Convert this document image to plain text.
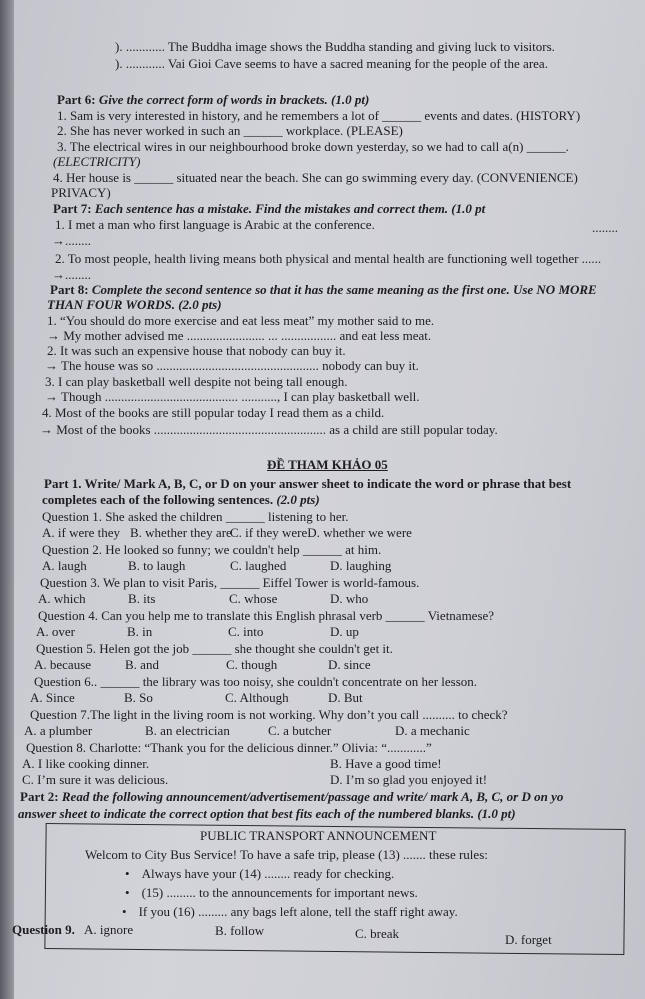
). ............ The Buddha image shows the Buddha standing and giving luck to visitors.
). ............ Vai Gioi Cave seems to have a sacred meaning for the people of the area.
Part 6: Give the correct form of words in brackets. (1.0 pt)
1. Sam is very interested in history, and he remembers a lot of ______ events and dates. (HISTORY)
2. She has never worked in such an ______ workplace. (PLEASE)
3. The electrical wires in our neighbourhood broke down yesterday, so we had to call a(n) ______.
(ELECTRICITY)
4. Her house is ______ situated near the beach. She can go swimming every day. (CONVENIENCE)
PRIVACY)
Part 7: Each sentence has a mistake. Find the mistakes and correct them. (1.0 pt
1. I met a man who first language is Arabic at the conference.	........
→........
2. To most people, health living means both physical and mental health are functioning well together ......
→........
Part 8: Complete the second sentence so that it has the same meaning as the first one. Use NO MORE
THAN FOUR WORDS. (2.0 pts)
1. “You should do more exercise and eat less meat” my mother said to me.
→ My mother advised me ........................ ... ................. and eat less meat.
2. It was such an expensive house that nobody can buy it.
→ The house was so .................................................. nobody can buy it.
3. I can play basketball well despite not being tall enough.
→ Though ......................................... ..........., I can play basketball well.
4. Most of the books are still popular today I read them as a child.
→ Most of the books ..................................................... as a child are still popular today.
ĐỀ THAM KHẢO 05
Part 1. Write/ Mark A, B, C, or D on your answer sheet to indicate the word or phrase that best
completes each of the following sentences. (2.0 pts)
Question 1. She asked the children ______ listening to her.
A. if were they B. whether they are
C. if they wereD. whether we were
Question 2. He looked so funny; we couldn't help ______ at him.
A. laugh	B. to laugh	C. laughed	D. laughing
Question 3. We plan to visit Paris, ______ Eiffel Tower is world-famous.
A. which	B. its	C. whose	D. who
Question 4. Can you help me to translate this English phrasal verb ______ Vietnamese?
A. over	B. in	C. into	D. up
Question 5. Helen got the job ______ she thought she couldn't get it.
A. because	B. and	C. though	D. since
Question 6.. ______ the library was too noisy, she couldn't concentrate on her lesson.
A. Since	B. So	C. Although	D. But
Question 7.The light in the living room is not working. Why don’t you call .......... to check?
A. a plumber	B. an electrician	C. a butcher	D. a mechanic
Question 8. Charlotte: “Thank you for the delicious dinner.” Olivia: “............”
A. I like cooking dinner.	B. Have a good time!
C. I’m sure it was delicious.	D. I’m so glad you enjoyed it!
Part 2: Read the following announcement/advertisement/passage and write/ mark A, B, C, or D on yo
answer sheet to indicate the correct option that best fits each of the numbered blanks. (1.0 pt)
PUBLIC TRANSPORT ANNOUNCEMENT
Welcom to City Bus Service! To have a safe trip, please (13) ....... these rules:
• Always have your (14) ........ ready for checking.
• (15) ......... to the announcements for important news.
• If you (16) ......... any bags left alone, tell the staff right away.
Question 9. A. ignore	B. follow	C. break	D. forget
